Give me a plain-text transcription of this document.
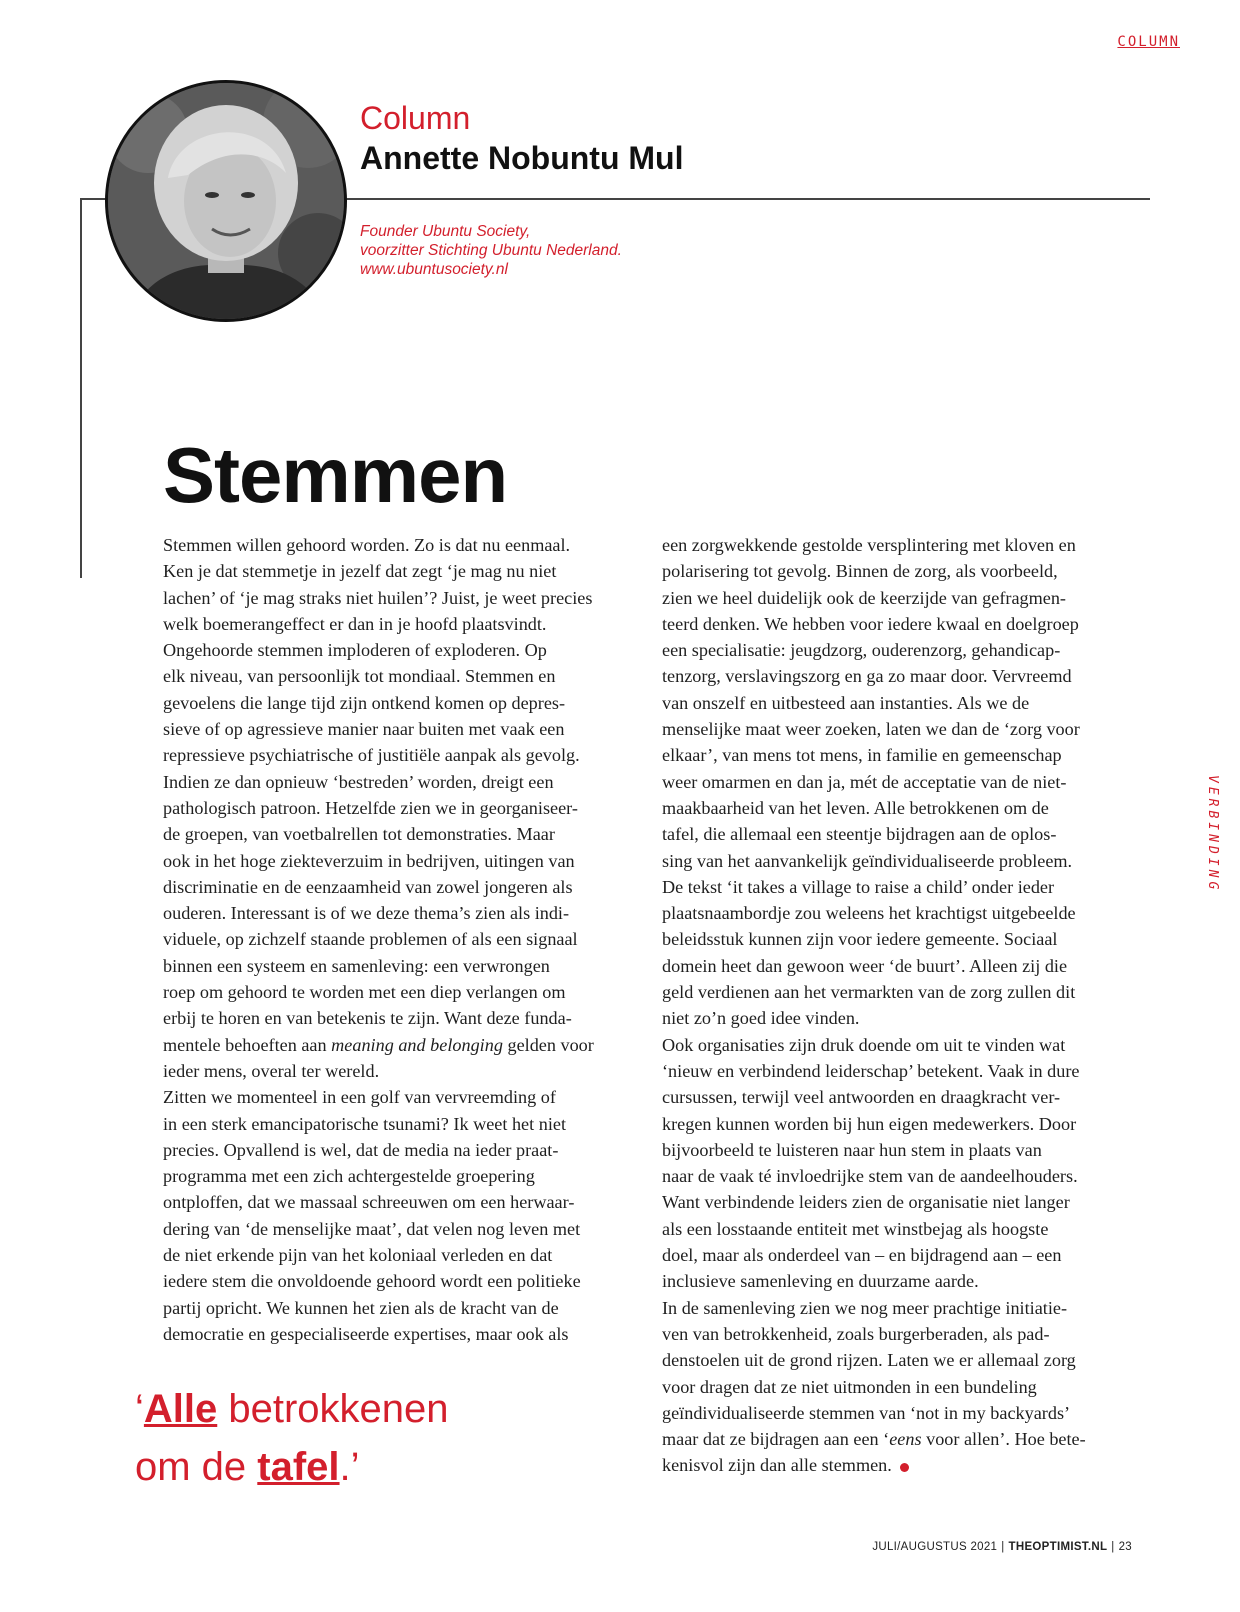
COLUMN
VERBINDING
Column
Annette Nobuntu Mul
Founder Ubuntu Society,
voorzitter Stichting Ubuntu Nederland.
www.ubuntusociety.nl
Stemmen
Stemmen willen gehoord worden. Zo is dat nu eenmaal.
Ken je dat stemmetje in jezelf dat zegt ‘je mag nu niet
lachen’ of ‘je mag straks niet huilen’? Juist, je weet precies
welk boemerangeffect er dan in je hoofd plaatsvindt.
Ongehoorde stemmen imploderen of exploderen. Op
elk niveau, van persoonlijk tot mondiaal. Stemmen en
gevoelens die lange tijd zijn ontkend komen op depres-
sieve of op agressieve manier naar buiten met vaak een
repressieve psychiatrische of justitiële aanpak als gevolg.
Indien ze dan opnieuw ‘bestreden’ worden, dreigt een
pathologisch patroon. Hetzelfde zien we in georganiseer-
de groepen, van voetbalrellen tot demonstraties. Maar
ook in het hoge ziekteverzuim in bedrijven, uitingen van
discriminatie en de eenzaamheid van zowel jongeren als
ouderen. Interessant is of we deze thema’s zien als indi-
viduele, op zichzelf staande problemen of als een signaal
binnen een systeem en samenleving: een verwrongen
roep om gehoord te worden met een diep verlangen om
erbij te horen en van betekenis te zijn. Want deze funda-
mentele behoeften aan meaning and belonging gelden voor
ieder mens, overal ter wereld.
Zitten we momenteel in een golf van vervreemding of
in een sterk emancipatorische tsunami? Ik weet het niet
precies. Opvallend is wel, dat de media na ieder praat-
programma met een zich achtergestelde groepering
ontploffen, dat we massaal schreeuwen om een herwaar-
dering van ‘de menselijke maat’, dat velen nog leven met
de niet erkende pijn van het koloniaal verleden en dat
iedere stem die onvoldoende gehoord wordt een politieke
partij opricht. We kunnen het zien als de kracht van de
democratie en gespecialiseerde expertises, maar ook als
een zorgwekkende gestolde versplintering met kloven en
polarisering tot gevolg. Binnen de zorg, als voorbeeld,
zien we heel duidelijk ook de keerzijde van gefragmen-
teerd denken. We hebben voor iedere kwaal en doelgroep
een specialisatie: jeugdzorg, ouderenzorg, gehandicap-
tenzorg, verslavingszorg en ga zo maar door. Vervreemd
van onszelf en uitbesteed aan instanties. Als we de
menselijke maat weer zoeken, laten we dan de ‘zorg voor
elkaar’, van mens tot mens, in familie en gemeenschap
weer omarmen en dan ja, mét de acceptatie van de niet-
maakbaarheid van het leven. Alle betrokkenen om de
tafel, die allemaal een steentje bijdragen aan de oplos-
sing van het aanvankelijk geïndividualiseerde probleem.
De tekst ‘it takes a village to raise a child’ onder ieder
plaatsnaambordje zou weleens het krachtigst uitgebeelde
beleidsstuk kunnen zijn voor iedere gemeente. Sociaal
domein heet dan gewoon weer ‘de buurt’. Alleen zij die
geld verdienen aan het vermarkten van de zorg zullen dit
niet zo’n goed idee vinden.
Ook organisaties zijn druk doende om uit te vinden wat
‘nieuw en verbindend leiderschap’ betekent. Vaak in dure
cursussen, terwijl veel antwoorden en draagkracht ver-
kregen kunnen worden bij hun eigen medewerkers. Door
bijvoorbeeld te luisteren naar hun stem in plaats van
naar de vaak té invloedrijke stem van de aandeelhouders.
Want verbindende leiders zien de organisatie niet langer
als een losstaande entiteit met winstbejag als hoogste
doel, maar als onderdeel van – en bijdragend aan – een
inclusieve samenleving en duurzame aarde.
In de samenleving zien we nog meer prachtige initiatie-
ven van betrokkenheid, zoals burgerberaden, als pad-
denstoelen uit de grond rijzen. Laten we er allemaal zorg
voor dragen dat ze niet uitmonden in een bundeling
geïndividualiseerde stemmen van ‘not in my backyards’
maar dat ze bijdragen aan een ‘eens voor allen’. Hoe bete-
kenisvol zijn dan alle stemmen.
‘Alle betrokkenen
om de tafel.’
JULI/AUGUSTUS 2021 | THEOPTIMIST.NL | 23
